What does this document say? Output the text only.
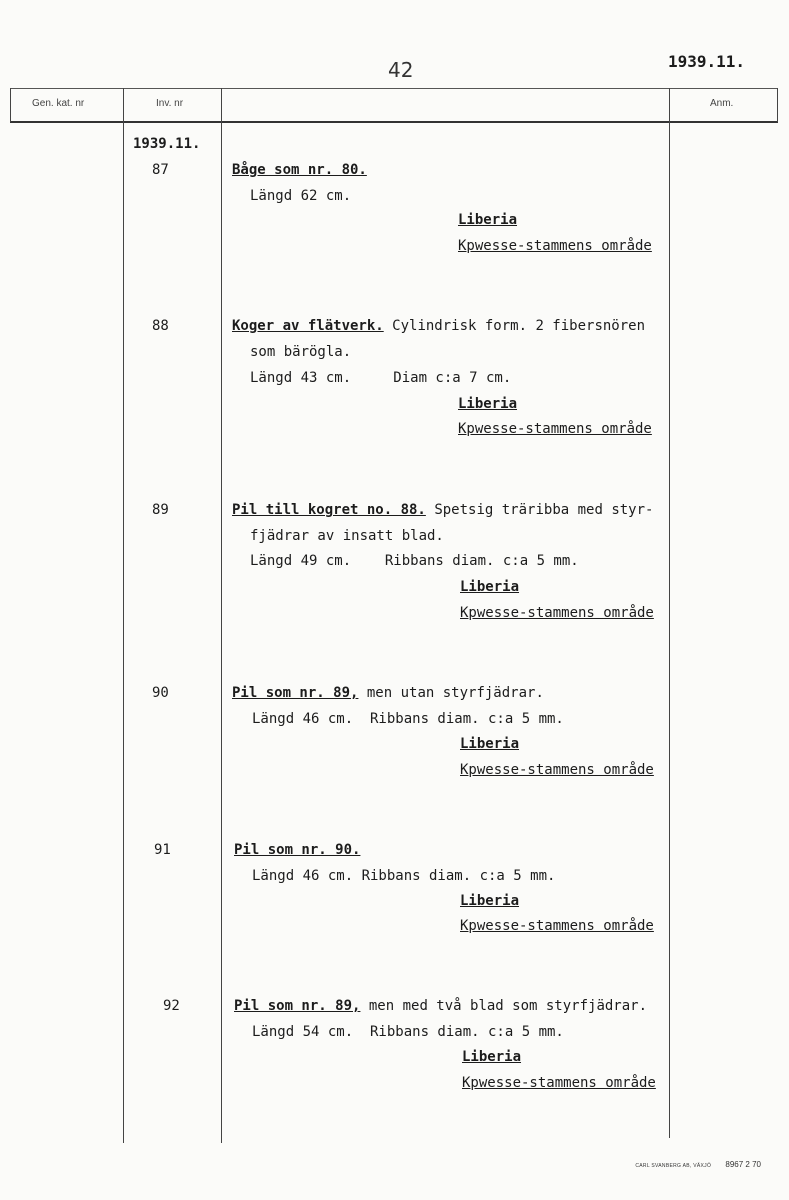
42	1939.11.
Gen. kat. nr	Inv. nr	Anm.
1939.11.
87	Båge som nr. 80.
Längd 62 cm.
Liberia
Kpwesse-stammens område
88	Koger av flätverk. Cylindrisk form. 2 fibersnören
som bärögla.
Längd 43 cm.     Diam c:a 7 cm.
Liberia
Kpwesse-stammens område
89	Pil till kogret no. 88. Spetsig träribba med styr-
fjädrar av insatt blad.
Längd 49 cm.    Ribbans diam. c:a 5 mm.
Liberia
Kpwesse-stammens område
90	Pil som nr. 89, men utan styrfjädrar.
Längd 46 cm.  Ribbans diam. c:a 5 mm.
Liberia
Kpwesse-stammens område
91	Pil som nr. 90.
Längd 46 cm. Ribbans diam. c:a 5 mm.
Liberia
Kpwesse-stammens område
92	Pil som nr. 89, men med två blad som styrfjädrar.
Längd 54 cm.  Ribbans diam. c:a 5 mm.
Liberia
Kpwesse-stammens område
CARL SVANBERG AB, VÄXJÖ 8967 2 70
